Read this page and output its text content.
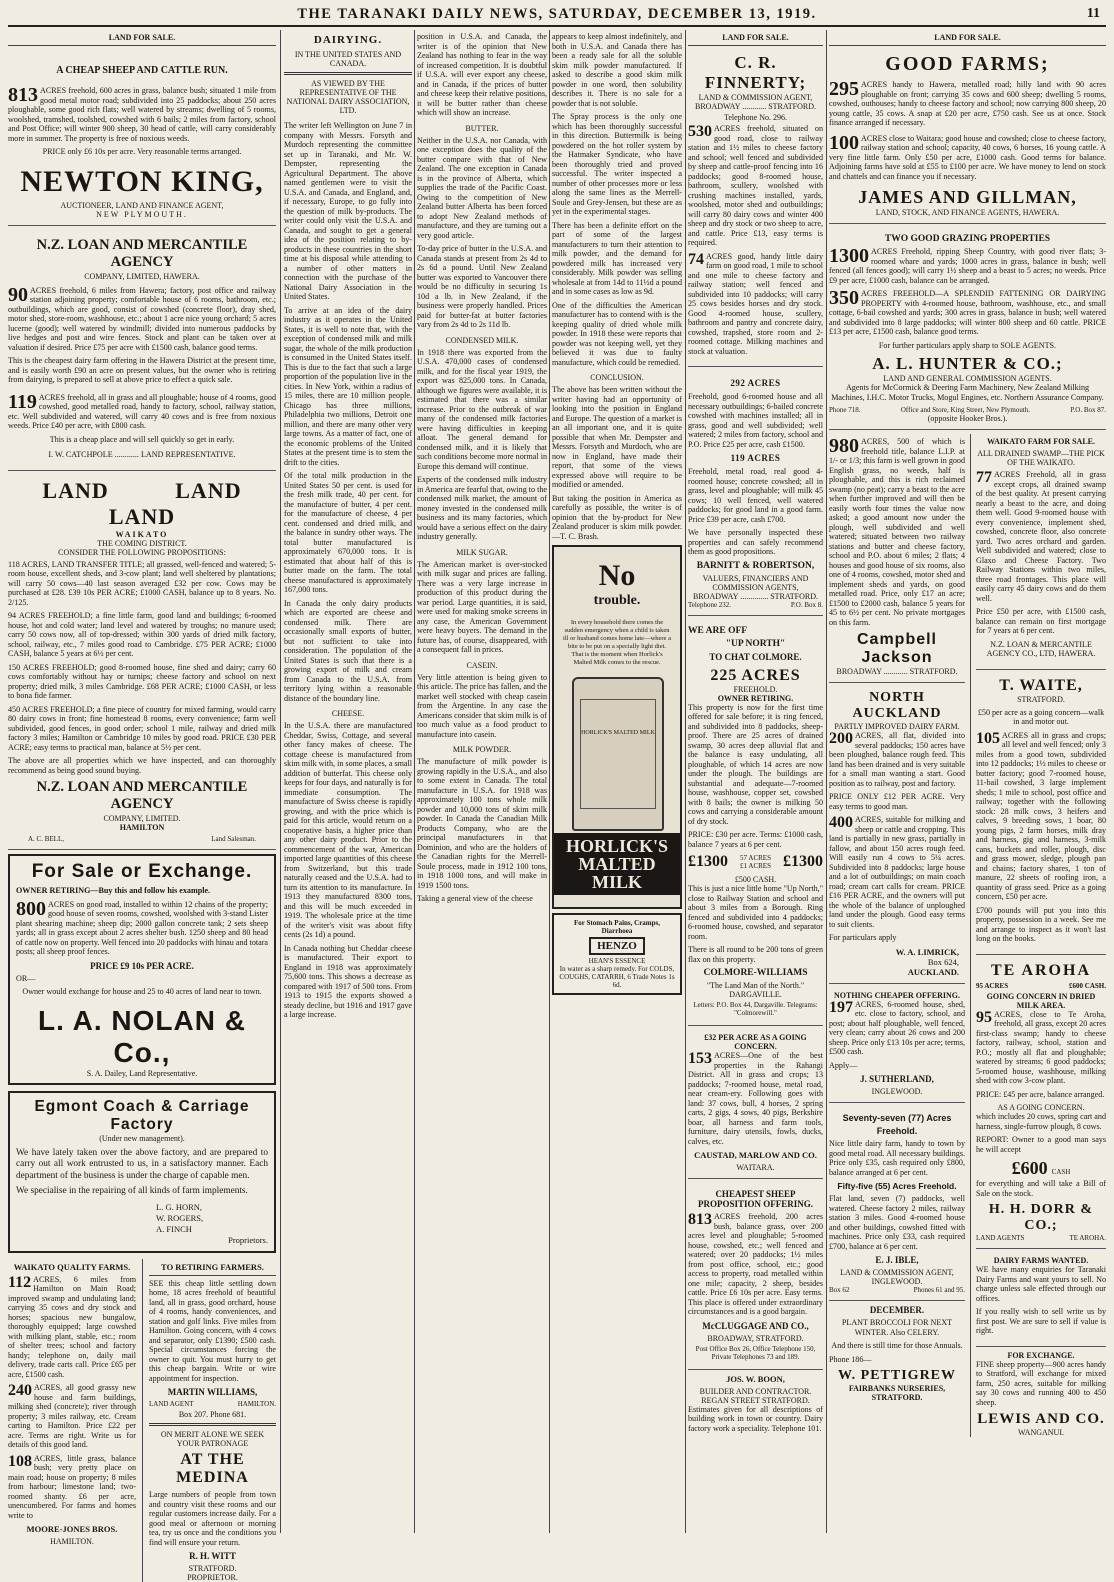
THE TARANAKI DAILY NEWS, SATURDAY, DECEMBER 13, 1919.	11
LAND FOR SALE.
A CHEAP SHEEP AND CATTLE RUN.

813 ACRES freehold, 600 acres in grass, balance bush; situated 1 mile from good metal motor road; subdivided into 25 paddocks; about 250 acres ploughable, some good rich flats; well watered by streams; dwelling of 5 rooms, woolshed, tramshed, toolshed, cowshed with 6 bails; 2 miles from factory, school and Post Office; will winter 900 sheep, 30 head of cattle, will carry considerably more in summer. The property is free of noxious weeds.

PRICE only £6 10s per acre. Very reasonable terms arranged.

NEWTON KING,
AUCTIONEER, LAND AND FINANCE AGENT,
NEW PLYMOUTH.
N.Z. LOAN AND MERCANTILE AGENCY
COMPANY, LIMITED, HAWERA.

90 ACRES freehold, 6 miles from Hawera; factory, post office and railway station adjoining property; comfortable house of 6 rooms, bathroom, etc.; outbuildings, which are good, consist of cowshed (concrete floor), dray shed, motor shed, store-room, washhouse, etc.; about 1 acre nice young orchard; 5 acres lucerne (good); well watered by windmill; divided into numerous paddocks by live hedges and post and wire fences. Stock and plant can be taken over at valuation if desired. Price £75 per acre with £1500 cash, balance good terms.

This is the cheapest dairy farm offering in the Hawera District at the present time, and is easily worth £90 an acre on present values, but the owner who is retiring from dairying, is prepared to sell at above price to effect a quick sale.

119 ACRES freehold, all in grass and all ploughable; house of 4 rooms, good cowshed, good metalled road, handy to factory, school, railway station, etc. Well subdivided and watered, will carry 40 cows and is free from noxious weeds. Price £40 per acre, with £800 cash.

This is a cheap place and will sell quickly so get in early.

I. W. CATCHPOLE ............ LAND REPRESENTATIVE.

LAND LAND LAND
WAIKATO
THE COMING DISTRICT.
CONSIDER THE FOLLOWING PROPOSITIONS:

118 ACRES, LAND TRANSFER TITLE; all grassed, well-fenced and watered; 5-room house, excellent sheds, and 3-cow plant; land well sheltered by plantations; will carry 50 cows—40 last season averaged £32 per cow. Cows may be purchased at £28. £39 10s PER ACRE; £1000 CASH, balance up to 8 years. No. 2/125.

94 ACRES FREEHOLD; a fine little farm, good land and buildings; 6-roomed house, hot and cold water; land level and watered by troughs; no manure used; carry 50 cows now, all of top-dressed; within 300 yards of dried milk factory, school, railway, etc., 7 miles good road to Cambridge. £75 PER ACRE; £1000 CASH, balance 5 years at 6½ per cent.

150 ACRES FREEHOLD; good 8-roomed house, fine shed and dairy; carry 60 cows comfortably without hay or turnips; cheese factory and school on next property; dried milk, 3 miles Cambridge. £68 PER ACRE; £1000 CASH, or less to bona fide farmer.

450 ACRES FREEHOLD; a fine piece of country for mixed farming, would carry 80 dairy cows in front; fine homestead 8 rooms, every convenience; farm well subdivided, good fences, in good order; school 1 mile, railway and dried milk factory 3 miles; Hamilton or Cambridge 10 miles by good road. PRICE £30 PER ACRE; easy terms to practical man, balance at 5½ per cent.

The above are all properties which we have inspected, and can thoroughly recommend as being good sound buying.

N.Z. LOAN AND MERCANTILE AGENCY
COMPANY, LIMITED.
HAMILTON
A. C. BELL,	Land Salesman.
For Sale or Exchange.

OWNER RETIRING—Buy this and follow his example.

800 ACRES on good road, installed to within 12 chains of the property; good house of seven rooms, cowshed, woolshed with 3-stand Lister plant shearing machine; sheep dip; 2000 gallon concrete tank; 2 sets sheep yards; all in grass except about 2 acres shelter bush. 1250 sheep and 80 head of cattle now on property. Well fenced into 20 paddocks with hinau and totara posts; all sheep proof fences.

PRICE £9 10s PER ACRE.

OR—

Owner would exchange for house and 25 to 40 acres of land near to town.

L. A. NOLAN & Co.,
S. A. Dailey, Land Representative.
Egmont Coach & Carriage Factory
(Under new management).

We have lately taken over the above factory, and are prepared to carry out all work entrusted to us, in a satisfactory manner. Each department of the business is under the charge of capable men.

We specialise in the repairing of all kinds of farm implements.

L. G. HORN,
W. ROGERS,
A. FINCH
Proprietors.
WAIKATO QUALITY FARMS.

112 ACRES, 6 miles from Hamilton on Main Road; improved swamp and undulating land; carrying 35 cows and dry stock and horses; spacious new bungalow, thoroughly equipped; large cowshed with milking plant, stable, etc.; room of shelter trees; school and factory handy; telephone on, daily mail delivery, trade carts call. Price £65 per acre, £1500 cash.

240 ACRES, all good grassy new house and farm buildings, milking shed (concrete); river through property; 3 miles railway, etc. Cream carting to Hamilton. Price £22 per acre. Terms are right. Write us for details of this good land.

108 ACRES, little grass, balance bush; very pretty place on main road; house on property; 8 miles from harbour; limestone land; two-roomed shanty. £6 per acre, unencumbered. For farms and homes write to

MOORE-JONES BROS.
HAMILTON.
TO RETIRING FARMERS.

SEE this cheap little settling down home, 18 acres freehold of beautiful land, all in grass, good orchard, house of 4 rooms, handy conveniences, and station and golf links. Five miles from Hamilton. Going concern, with 4 cows and separator, only £1390; £500 cash. Special circumstances forcing the owner to quit. You must hurry to get this cheap bargain. Write or wire appointment for inspection.

MARTIN WILLIAMS,
LAND AGENT	HAMILTON.
Box 207. Phone 681.
ON MERIT ALONE WE SEEK YOUR PATRONAGE
AT THE MEDINA

Large numbers of people from town and country visit these rooms and our regular customers increase daily. For a good meal or afternoon or morning tea, try us once and the conditions you find will ensure your return.

R. H. WITT
STRATFORD.
PROPRIETOR.
DAIRYING.
IN THE UNITED STATES AND CANADA.
AS VIEWED BY THE REPRESENTATIVE OF THE NATIONAL DAIRY ASSOCIATION, LTD.

The writer left Wellington on June 7 in company with Messrs. Forsyth and Murdoch representing the committee set up in Taranaki, and Mr. W. Dempster, representing the Agricultural Department. The above named gentlemen were to visit the U.S.A. and Canada, and England, and, if necessary, Europe, to go fully into the question of milk by-products. The writer could only visit the U.S.A. and Canada, and sought to get a general idea of the position relating to by-products in these countries in the short time at his disposal while attending to a number of other matters in connection with the purchase of the National Dairy Association in the United States.

To arrive at an idea of the dairy industry as it operates in the United States, it is well to note that, with the exception of condensed milk and milk sugar, the whole of the milk production is consumed in the United States itself. This is due to the fact that such a large proportion of the population live in the cities. In New York, within a radius of 15 miles, there are 10 million people. Chicago has three millions, Philadelphia two millions, Detroit one million, and there are many other very large towns. As a matter of fact, one of the economic problems of the United States at the present time is to stem the drift to the cities.

Of the total milk production in the United States 50 per cent. is used for the fresh milk trade, 40 per cent. for the manufacture of butter, 4 per cent. for the manufacture of cheese, 4 per cent. condensed and dried milk, and the balance in sundry other ways. The total butter manufactured is approximately 670,000 tons. It is estimated that about half of this is butter made on the farm. The total cheese manufactured is approximately 167,000 tons.

In Canada the only dairy products which are exported are cheese and condensed milk. There are occasionally small exports of butter, but not sufficient to take into consideration. The population of the United States is such that there is a growing export of milk and cream from Canada to the U.S.A. from territory lying within a reasonable distance of the boundary line.

CHEESE.

In the U.S.A. there are manufactured Cheddar, Swiss, Cottage, and several other fancy makes of cheese. The cottage cheese is manufactured from skim milk with, in some places, a small addition of butterfat. This cheese only keeps for four days, and naturally is for immediate consumption. The manufacture of Swiss cheese is rapidly growing, and with the price which is paid for this article, would return on a cooperative basis, a higher price than any other dairy product. Prior to the commencement of the war, American imported large quantities of this cheese from Switzerland, but this trade naturally ceased and the U.S.A. had to turn its attention to its manufacture. In 1913 they manufactured 8300 tons, and this will be much exceeded in 1919. The wholesale price at the time of the writer's visit was about fifty cents (2s 1d) a pound.

In Canada nothing but Cheddar cheese is manufactured. Their export to England in 1918 was approximately 75,600 tons. This shows a decrease as compared with 1917 of 500 tons. From 1913 to 1915 the exports showed a steady decline, but 1916 and 1917 gave a large increase.

position in U.S.A. and Canada, the writer is of the opinion that New Zealand has nothing to fear in the way of increased competition. It is doubtful if U.S.A. will ever export any cheese, and in Canada, if the prices of butter and cheese keep their relative positions, it will be butter rather than cheese which will show an increase.

BUTTER.

Neither in the U.S.A. nor Canada, with one exception does the quality of the butter compare with that of New Zealand. The one exception in Canada is in the province of Alberta, which supplies the trade of the Pacific Coast. Owing to the competition of New Zealand butter Alberta has been forced to adopt New Zealand methods of manufacture, and they are turning out a very good article.

To-day price of butter in the U.S.A. and Canada stands at present from 2s 4d to 2s 6d a pound. Until New Zealand butter was exported to Vancouver there would be no difficulty in securing 1s 10d a lb. in New Zealand, if the business were properly handled. Prices paid for butter-fat at butter factories vary from 2s 4d to 2s 11d lb.

CONDENSED MILK.

In 1918 there was exported from the U.S.A. 470,000 cases of condensed milk, and for the fiscal year 1919, the export was 825,000 tons. In Canada, although we figures were available, it is estimated that there was a similar increase. Prior to the outbreak of war many of the condensed milk factories were having difficulties in keeping afloat. The general demand for condensed milk, and it is likely that such conditions become more normal in Europe this demand will continue.

Experts of the condensed milk industry in America are fearful that, owing to the condensed milk market, the amount of money invested in the condensed milk business and its many factories, which would have a serious effect on the dairy industry generally.

MILK SUGAR.

The American market is over-stocked with milk sugar and prices are falling. There was a very large increase in production of this product during the war period. Large quantities, it is said, were used for making smoke screens in any case, the American Government were heavy buyers. The demand in the future has, of course, disappeared, with a consequent fall in prices.

CASEIN.

Very little attention is being given to this article. The price has fallen, and the market well stocked with cheap casein from the Argentine. In any case the Americans consider that skim milk is of too much value as a food product to manufacture into casein.

MILK POWDER.

The manufacture of milk powder is growing rapidly in the U.S.A., and also to some extent in Canada. The total manufacture in U.S.A. for 1918 was approximately 100 tons whole milk powder and 10,000 tons of skim milk powder. In Canada the Canadian Milk Products Company, who are the principal manufacturers in that Dominion, and who are the holders of the Canadian rights for the Merrell-Soule process, made in 1912 100 tons, in 1918 1000 tons, and will make in 1919 1500 tons.

Taking a general view of the cheese

appears to keep almost indefinitely, and both in U.S.A. and Canada there has been a ready sale for all the soluble skim milk powder manufactured. If asked to describe a good skim milk powder in one word, then solubility describes it. There is no sale for a powder that is not soluble.

The Spray process is the only one which has been thoroughly successful in this direction. Buttermilk is being powdered on the hot roller system by the Hatmaker Syndicate, who have been thoroughly tried and proved successful. The writer inspected a number of other processes more or less along the same lines as the Merrell-Soule and Grey-Jensen, but these are as yet in the experimental stages.

There has been a definite effort on the part of some of the largest manufacturers to turn their attention to milk powder, and the demand for powdered milk has increased very considerably. Milk powder was selling wholesale at from 14d to 11½d a pound and in some cases as low as 9d.

One of the difficulties the American manufacturer has to contend with is the keeping quality of dried whole milk powder. In 1918 these were reports that powder was not keeping well, yet they believed it was due to faulty manufacture, which could be remedied.

CONCLUSION.

The above has been written without the writer having had an opportunity of looking into the position in England and Europe. The question of a market is an all important one, and it is quite possible that when Mr. Dempster and Messrs. Forsyth and Murdoch, who are now in England, have made their report, that some of the views expressed above will require to be modified or amended.

But taking the position in America as carefully as possible, the writer is of opinion that the by-product for New Zealand producer is skim milk powder.—T. C. Brash.

No
trouble.
In every household there comes the sudden emergency when a child is taken ill or husband comes home late—where a bite to be put on a specially light diet. That is the moment when Horlick's Malted Milk comes to the rescue.
HORLICK'S MALTED MILK
HORLICK'S MALTED MILK
For Stomach Pains, Cramps, Diarrhoea
HENZO
HEAN'S ESSENCE
In water as a sharp remedy. For COLDS, COUGHS, CATARRH, 6 Trade Notes 1s 6d.
LAND FOR SALE.
C. R. FINNERTY;
LAND & COMMISSION AGENT,
BROADWAY ............ STRATFORD.
Telephone No. 296.

530 ACRES freehold, situated on good road, close to railway station and 1½ miles to cheese factory and school; well fenced and subdivided by sheep and cattle-proof fencing into 16 paddocks; good 8-roomed house, bathroom, scullery, woolshed with crushing machines installed, yards, woolshed, motor shed and outbuildings; will carry 80 dairy cows and winter 400 sheep and dry stock or two sheep to acre, and cattle. Price £13, easy terms is required.

74 ACRES good, handy little dairy farm on good road, 1 mile to school and one mile to cheese factory and railway station; well fenced and subdivided into 10 paddocks; will carry 25 cows besides horses and dry stock. Good 4-roomed house, scullery, bathroom and pantry and concrete dairy, cowshed, trapshed, store room and 2-roomed cottage. Milking machines and stock at valuation.

292 ACRES

Freehold, good 6-roomed house and all necessary outbuildings; 6-bailed concrete cowshed with machines installed; all in grass, good and well subdivided; well watered; 2 miles from factory, school and P.O. Price £25 per acre, cash £1500.

119 ACRES

Freehold, metal road, real good 4-roomed house; concrete cowshed; all in grass, level and ploughable; will milk 45 cows; 10 well fenced, well watered paddocks; for good land in a good farm. Price £39 per acre, cash £700.

We have personally inspected these properties and can safely recommend them as good propositions.

BARNITT & ROBERTSON,
VALUERS, FINANCIERS AND COMMISSION AGENTS,
BROADWAY .............. STRATFORD.
Telephone 232.	P.O. Box 8.
WE ARE OFF
"UP NORTH"
TO CHAT COLMORE.
225 ACRES
FREEHOLD.
OWNER RETIRING.

This property is now for the first time offered for sale before; it is ring fenced, and subdivided into 8 paddocks, sheep-proof. There are 25 acres of drained swamp, 30 acres deep alluvial flat and the balance is easy undulating, all ploughable, of which 14 acres are now under the plough. The buildings are substantial and adequate—7-roomed house, washhouse, copper set, cowshed with 8 bails; the owner is milking 50 cows and carrying a considerable amount of dry stock.

PRICE: £30 per acre. Terms: £1000 cash, balance 7 years at 6 per cent.

£1300 57 ACRES
£1 ACRES £1300
£500 CASH.

This is just a nice little home "Up North," close to Railway Station and school and about 3 miles from a Borough. Ring fenced and subdivided into 4 paddocks; 6-roomed house, cowshed, and separator room.

There is all round to be 200 tons of green flax on this property.

COLMORE-WILLIAMS
"The Land Man of the North."
DARGAVILLE.
Letters: P.O. Box 44, Dargaville. Telegrams: "Colmorewill."
£32 PER ACRE AS A GOING CONCERN.

153 ACRES—One of the best properties in the Rahangi District. All in grass and crops; 13 paddocks; 7-roomed house, metal road, near cream-ery. Following goes with land: 37 cows, bull, 4 horses, 2 spring carts, 2 gigs, 4 sows, 40 pigs, Berkshire boar, all harness and farm tools, furniture, dairy utensils, fowls, ducks, calves, etc.

CAUSTAD, MARLOW AND CO.
WAITARA.
CHEAPEST SHEEP PROPOSITION OFFERING.

813 ACRES freehold, 200 acres bush, balance grass, over 200 acres level and ploughable; 5-roomed house, cowshed, etc.; well fenced and watered; over 20 paddocks; 1½ miles from post office, school, etc.; good access to property, road metalled within one mile; capacity, 2 sheep, besides cattle. Price £6 10s per acre. Easy terms. This place is offered under extraordinary circumstances and is a good bargain.

McCLUGGAGE AND CO.,
BROADWAY, STRATFORD.
Post Office Box 26, Office Telephone 150, Private Telephones 73 and 189.
JOS. W. BOON,
BUILDER AND CONTRACTOR.
REGAN STREET STRATFORD.

Estimates given for all descriptions of building work in town or country. Dairy factory work a speciality. Telephone 101.

LAND FOR SALE.
GOOD FARMS;

295 ACRES handy to Hawera, metalled road; hilly land with 90 acres ploughable on front; carrying 35 cows and 600 sheep; dwelling 5 rooms, cowshed, outhouses; handy to cheese factory and school; now carrying 800 sheep, 20 young cattle, 35 cows. A snap at £20 per acre, £750 cash. See us at once. Stock finance arranged if necessary.

100 ACRES close to Waitara; good house and cowshed; close to cheese factory, railway station and school; capacity, 40 cows, 6 horses, 16 young cattle. A very fine little farm. Only £50 per acre, £1000 cash. Good terms for balance. Adjoining farms have sold at £55 to £100 per acre. We have money to lend on stock and chattels and can finance you if necessary.

JAMES AND GILLMAN,
LAND, STOCK, AND FINANCE AGENTS, HAWERA.
TWO GOOD GRAZING PROPERTIES

1300 ACRES Freehold, ripping Sheep Country, with good river flats; 3-roomed whare and yards; 1000 acres in grass, balance in bush; well fenced (all fences good); will carry 1½ sheep and a beast to 5 acres; no weeds. Price £9 per acre, £1000 cash, balance can be arranged.

350 ACRES FREEHOLD—A SPLENDID FATTENING OR DAIRYING PROPERTY with 4-roomed house, bathroom, washhouse, etc., and small cottage, 6-bail cowshed and yards; 300 acres in grass, balance in bush; well watered and subdivided into 8 large paddocks; will winter 800 sheep and 60 cattle. PRICE £13 per acre, £1500 cash, balance good terms.

For further particulars apply sharp to SOLE AGENTS.

A. L. HUNTER & CO.;
LAND AND GENERAL COMMISSION AGENTS.

Agents for McCormick & Deering Farm Machinery, New Zealand Milking Machines, I.H.C. Motor Trucks, Mogul Engines, etc. Northern Assurance Company.

Phone 718.	Office and Store, King Street, New Plymouth.	P.O. Box 87.
(opposite Hooker Bros.).

980 ACRES, 500 of which is freehold title, balance L.I.P. at 1/- or 1/3; this farm is well grown in good English grass, no weeds, half is ploughable, and this is rich reclaimed swamp (no peat); carry a beast to the acre when further improved and will then be easily worth four times the value now asked; a good amount now under the plough, well subdivided and well watered; situated between two railway stations and butter and cheese factory, school and P.O. about 6 miles; 2 flats; 4 houses and good house of six rooms, also one of 4 rooms, cowshed, motor shed and implement sheds and yards, on good metalled road. Price, only £17 an acre; £1500 to £2000 cash, balance 5 years for 45 to 6½ per cent. No private mortgages on this farm.

Campbell Jackson
BROADWAY ............ STRATFORD.
NORTH AUCKLAND
PARTLY IMPROVED DAIRY FARM.

200 ACRES, all flat, divided into several paddocks; 150 acres have been ploughed, balance rough feed. This land has been drained and is very suitable for a small man wanting a start. Good position as to railway, post and factory.

PRICE ONLY £12 PER ACRE. Very easy terms to good man.

400 ACRES, suitable for milking and sheep or cattle and cropping. This land is partially in new grass, partially in fallow, and about 150 acres rough feed. Will easily run 4 cows to 5¼ acres. Subdivided into 8 paddocks; large house and a lot of outbuildings; on main coach road; cream cart calls for cream. PRICE £16 PER ACRE, and the owners will put the whole of the balance of unploughed land under the plough. Good easy terms to suit clients.

For particulars apply

W. A. LIMRICK,
Box 624,
AUCKLAND.
NOTHING CHEAPER OFFERING.

197 ACRES, 6-roomed house, shed, etc. close to factory, school, and post; about half ploughable, well fenced, very clean; carry about 26 cows and 200 sheep. Price only £13 10s per acre; terms, £500 cash.

Apply—

J. SUTHERLAND,
INGLEWOOD.
Seventy-seven (77) Acres
Freehold.

Nice little dairy farm, handy to town by good metal road. All necessary buildings. Price only £35, cash required only £800, balance arranged at 6 per cent.

Fifty-five (55) Acres Freehold.

Flat land, seven (7) paddocks, well watered. Cheese factory 2 miles, railway station 3 miles. Good 4-roomed house and other buildings, cowshed fitted with machines. Price only £33, cash required £700, balance at 6 per cent.

E. J. IBLE,
LAND & COMMISSION AGENT, INGLEWOOD.
Box 62	Phones 61 and 95.
DECEMBER.

PLANT BROCCOLI FOR NEXT WINTER. Also CELERY.

And there is still time for those Annuals.

Phone 186—

W. PETTIGREW
FAIRBANKS NURSERIES,
STRATFORD.
WAIKATO FARM FOR SALE.
ALL DRAINED SWAMP—THE PICK OF THE WAIKATO.

77 ACRES Freehold, all in grass except crops, all drained swamp of the best quality. At present carrying nearly a beast to the acre, and doing them well. Good 9-roomed house with every convenience, implement shed, cowshed, concrete floor, also concrete yard. Two acres orchard and garden. Well subdivided and watered; close to Glaxo and Cheese Factory. Two Railway Stations within two miles, three road frontages. This place will easily carry 45 dairy cows and do them well.

Price £50 per acre, with £1500 cash, balance can remain on first mortgage for 7 years at 6 per cent.

N.Z. LOAN & MERCANTILE AGENCY CO., LTD, HAWERA.

T. WAITE,
STRATFORD.

£50 per acre as a going concern—walk in and motor out.

105 ACRES all in grass and crops; all level and well fenced; only 3 miles from a good town, subdivided into 12 paddocks; 1½ miles to cheese or butter factory; good 7-roomed house, 11-bail cowshed, 3 large implement sheds; 1 mile to school, post office and railway; together with the following stock: 28 milk cows, 3 heifers and calves, 9 breeding sows, 1 boar, 80 young pigs, 2 farm horses, milk dray and harness, gig and harness, 3-milk cans, buckets and roller, plough, disc and grass mower, sledge, plough pan and chains; factory shares, 1 ton of manure, 22 sheets of roofing iron, a quantity of grass seed. Price as a going concern, £50 per acre.

£700 pounds will put you into this property, possession in a week. See me and arrange to inspect as it won't last long on the books.

TE AROHA
95 ACRES	£600 CASH.
GOING CONCERN IN DRIED MILK AREA.

95 ACRES, close to Te Aroha, freehold, all grass, except 20 acres first-class swamp; handy to cheese factory, railway, school, station and P.O.; mostly all flat and ploughable; watered by streams; 6 good paddocks; 5-roomed house, washhouse, milking shed with cow 3-cow plant.

PRICE: £45 per acre, balance arranged.

AS A GOING CONCERN.

which includes 20 cows, spring cart and harness, single-furrow plough, 8 cows.

REPORT: Owner to a good man says he will accept

£600 CASH

for everything and will take a Bill of Sale on the stock.

H. H. DORR & CO.;
LAND AGENTS	TE AROHA.
DAIRY FARMS WANTED.

WE have many enquiries for Taranaki Dairy Farms and want yours to sell. No charge unless sale effected through our offices.

If you really wish to sell write us by first post. We are sure to sell if value is right.

FOR EXCHANGE.

FINE sheep property—900 acres handy to Stratford, will exchange for mixed farm, 250 acres, suitable for milking say 30 cows and running 400 to 450 sheep.

LEWIS AND CO.
WANGANUI.
